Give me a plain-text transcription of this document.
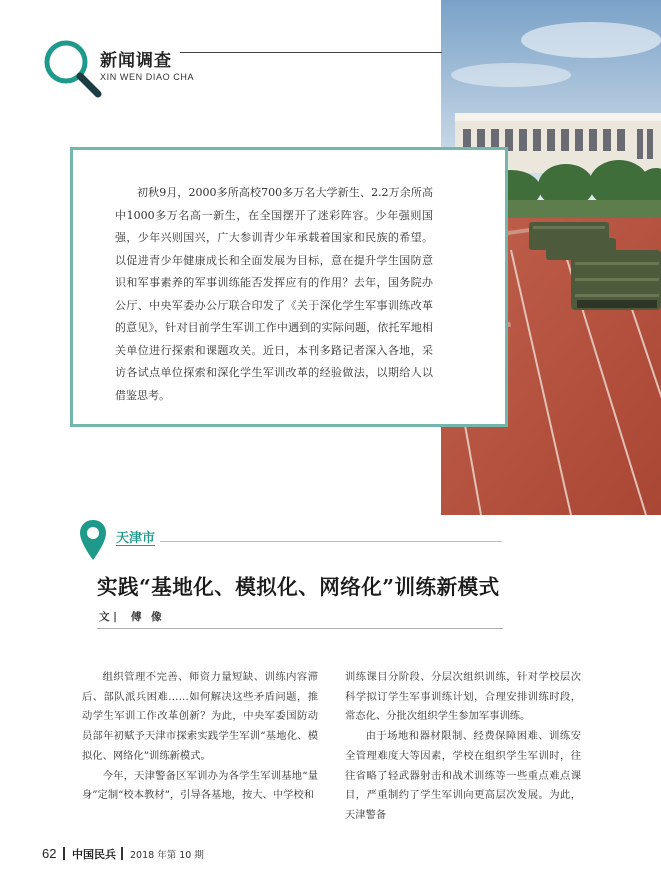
新闻调查
XIN WEN DIAO CHA

初秋9月，2000多所高校700多万名大学新生、2.2万余所高中1000多万名高一新生，在全国摆开了迷彩阵容。少年强则国强，少年兴则国兴，广大参训青少年承载着国家和民族的希望。以促进青少年健康成长和全面发展为目标，意在提升学生国防意识和军事素养的军事训练能否发挥应有的作用？去年，国务院办公厅、中央军委办公厅联合印发了《关于深化学生军事训练改革的意见》，针对目前学生军训工作中遇到的实际问题，依托军地相关单位进行探索和课题攻关。近日，本刊多路记者深入各地，采访各试点单位探索和深化学生军训改革的经验做法，以期给人以借鉴思考。

天津市
实践“基地化、模拟化、网络化”训练新模式
文 | 傅 像

组织管理不完善、师资力量短缺、训练内容滞后、部队派兵困难……如何解决这些矛盾问题，推动学生军训工作改革创新？为此，中央军委国防动员部年初赋予天津市探索实践学生军训“基地化、模拟化、网络化”训练新模式。

今年，天津警备区军训办为各学生军训基地“量身”定制“校本教材”，引导各基地，按大、中学校和

训练课目分阶段、分层次组织训练，针对学校层次科学拟订学生军事训练计划，合理安排训练时段，常态化、分批次组织学生参加军事训练。

由于场地和器材限制、经费保障困难、训练安全管理难度大等因素，学校在组织学生军训时，往往省略了轻武器射击和战术训练等一些重点难点课目，严重制约了学生军训向更高层次发展。为此，天津警备

62 中国民兵 2018 年第 10 期
